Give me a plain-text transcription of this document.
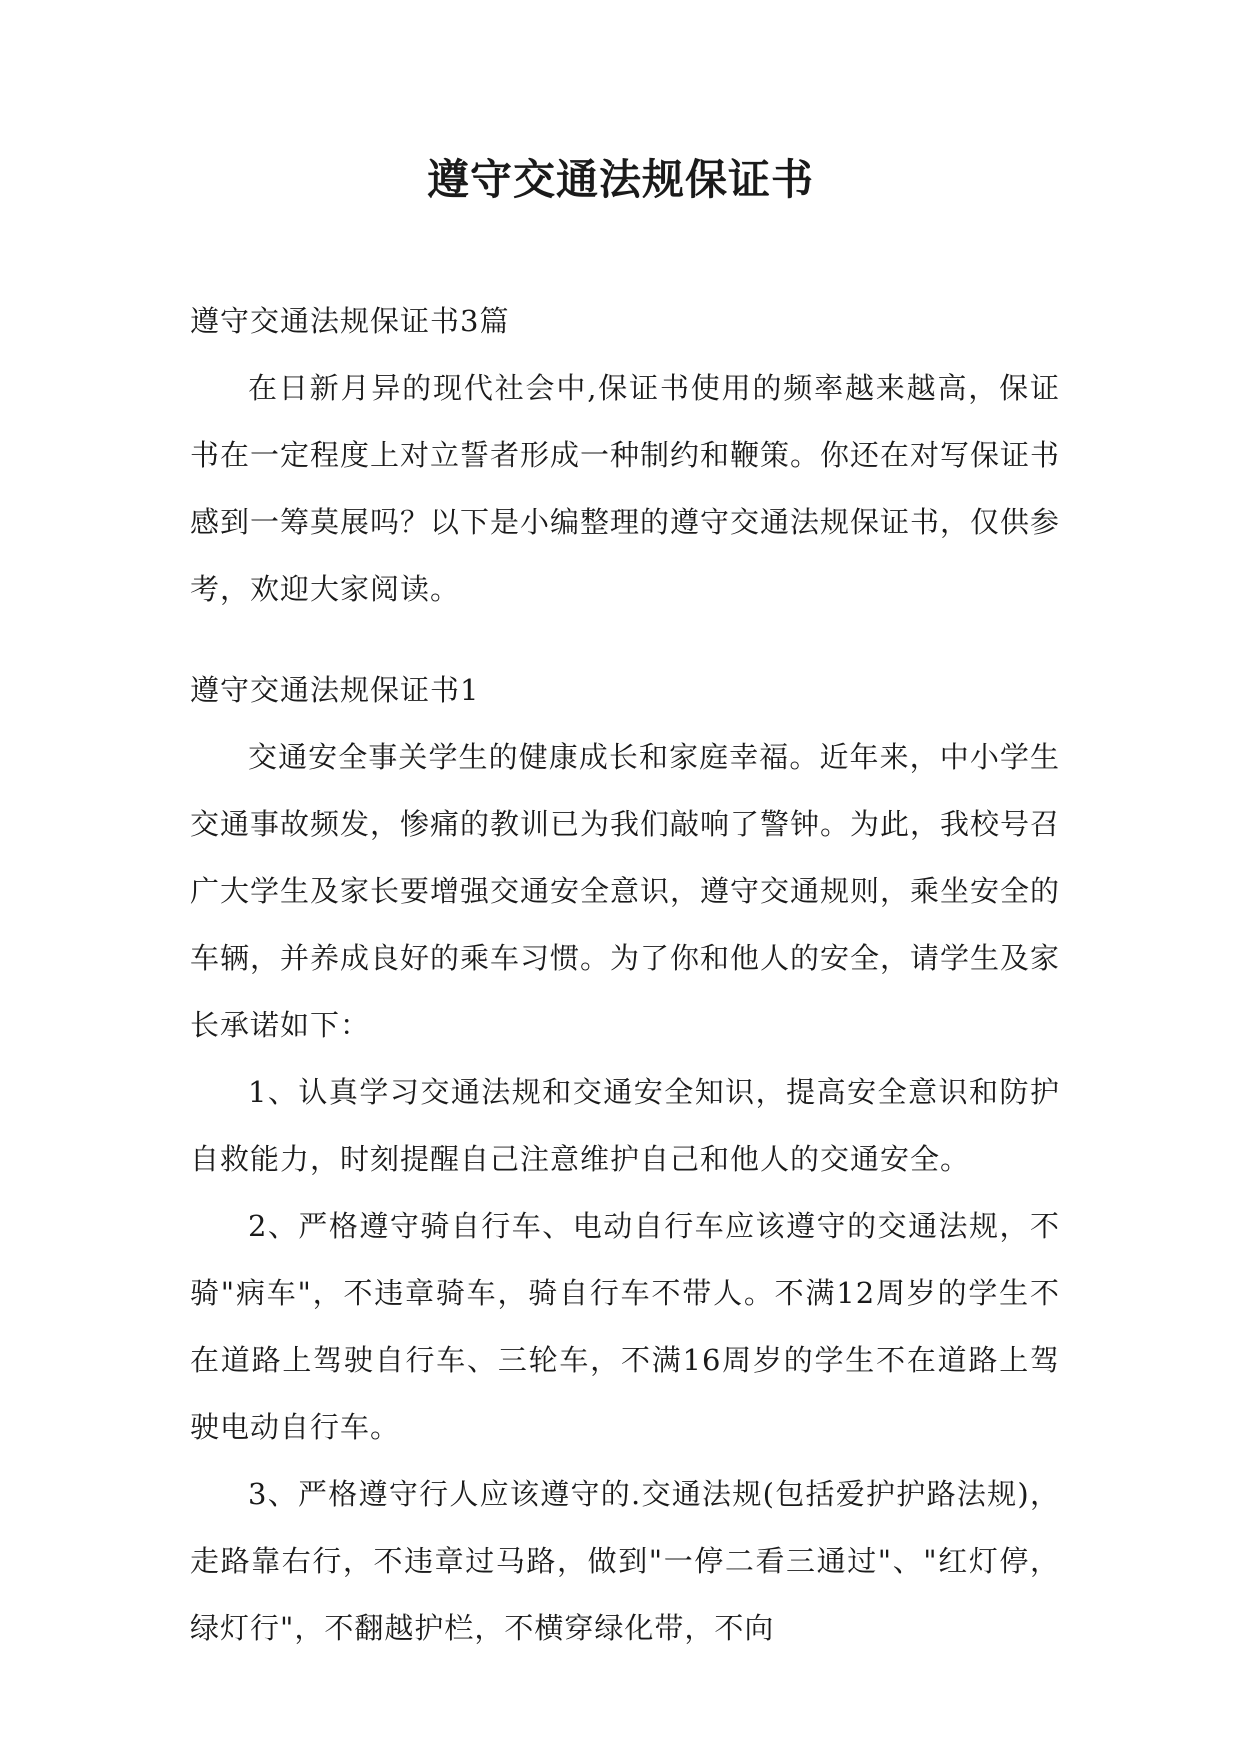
遵守交通法规保证书

遵守交通法规保证书3篇

在日新月异的现代社会中,保证书使用的频率越来越高，保证书在一定程度上对立誓者形成一种制约和鞭策。你还在对写保证书感到一筹莫展吗？以下是小编整理的遵守交通法规保证书，仅供参考，欢迎大家阅读。

遵守交通法规保证书1

交通安全事关学生的健康成长和家庭幸福。近年来，中小学生交通事故频发，惨痛的教训已为我们敲响了警钟。为此，我校号召广大学生及家长要增强交通安全意识，遵守交通规则，乘坐安全的车辆，并养成良好的乘车习惯。为了你和他人的安全，请学生及家长承诺如下：

1、认真学习交通法规和交通安全知识，提高安全意识和防护自救能力，时刻提醒自己注意维护自己和他人的交通安全。

2、严格遵守骑自行车、电动自行车应该遵守的交通法规，不骑"病车"，不违章骑车，骑自行车不带人。不满12周岁的学生不在道路上驾驶自行车、三轮车，不满16周岁的学生不在道路上驾驶电动自行车。

3、严格遵守行人应该遵守的.交通法规(包括爱护护路法规)，走路靠右行，不违章过马路，做到"一停二看三通过"、"红灯停，绿灯行"，不翻越护栏，不横穿绿化带，不向
